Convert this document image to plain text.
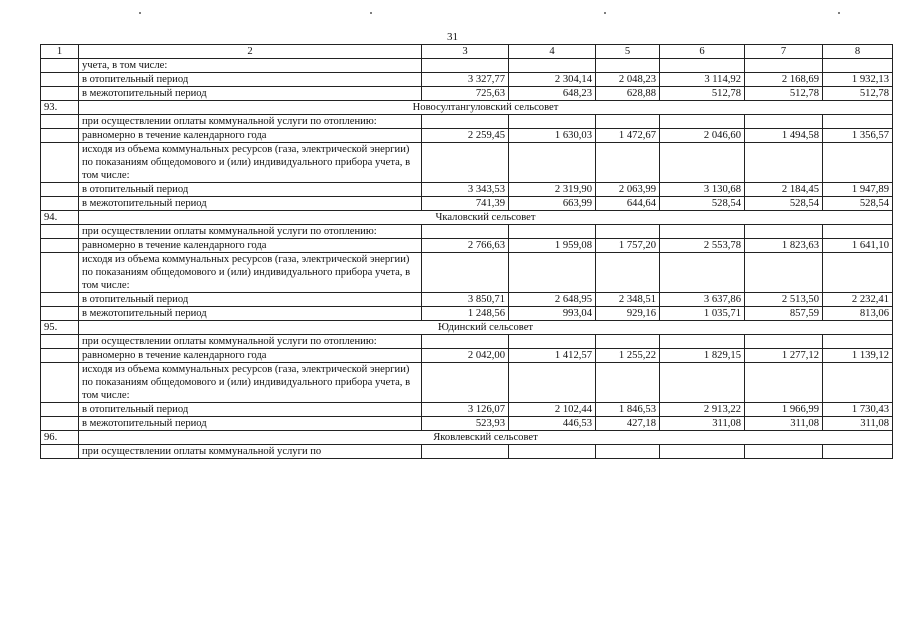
31
1	2	3	4	5	6	7	8
	учета, в том числе:						
	в отопительный период	3 327,77	2 304,14	2 048,23	3 114,92	2 168,69	1 932,13
	в межотопительный период	725,63	648,23	628,88	512,78	512,78	512,78
93.	Новосултангуловский сельсовет						
	при осуществлении оплаты коммунальной услуги по отоплению:						
	равномерно в течение календарного года	2 259,45	1 630,03	1 472,67	2 046,60	1 494,58	1 356,57
	исходя из объема коммунальных ресурсов (газа, электрической энергии) по показаниям общедомового и (или) индивидуального прибора учета, в том числе:						
	в отопительный период	3 343,53	2 319,90	2 063,99	3 130,68	2 184,45	1 947,89
	в межотопительный период	741,39	663,99	644,64	528,54	528,54	528,54
94.	Чкаловский сельсовет						
	при осуществлении оплаты коммунальной услуги по отоплению:						
	равномерно в течение календарного года	2 766,63	1 959,08	1 757,20	2 553,78	1 823,63	1 641,10
	исходя из объема коммунальных ресурсов (газа, электрической энергии) по показаниям общедомового и (или) индивидуального прибора учета, в том числе:						
	в отопительный период	3 850,71	2 648,95	2 348,51	3 637,86	2 513,50	2 232,41
	в межотопительный период	1 248,56	993,04	929,16	1 035,71	857,59	813,06
95.	Юдинский сельсовет						
	при осуществлении оплаты коммунальной услуги по отоплению:						
	равномерно в течение календарного года	2 042,00	1 412,57	1 255,22	1 829,15	1 277,12	1 139,12
	исходя из объема коммунальных ресурсов (газа, электрической энергии) по показаниям общедомового и (или) индивидуального прибора учета, в том числе:						
	в отопительный период	3 126,07	2 102,44	1 846,53	2 913,22	1 966,99	1 730,43
	в межотопительный период	523,93	446,53	427,18	311,08	311,08	311,08
96.	Яковлевский сельсовет						
	при осуществлении оплаты коммунальной услуги по						
